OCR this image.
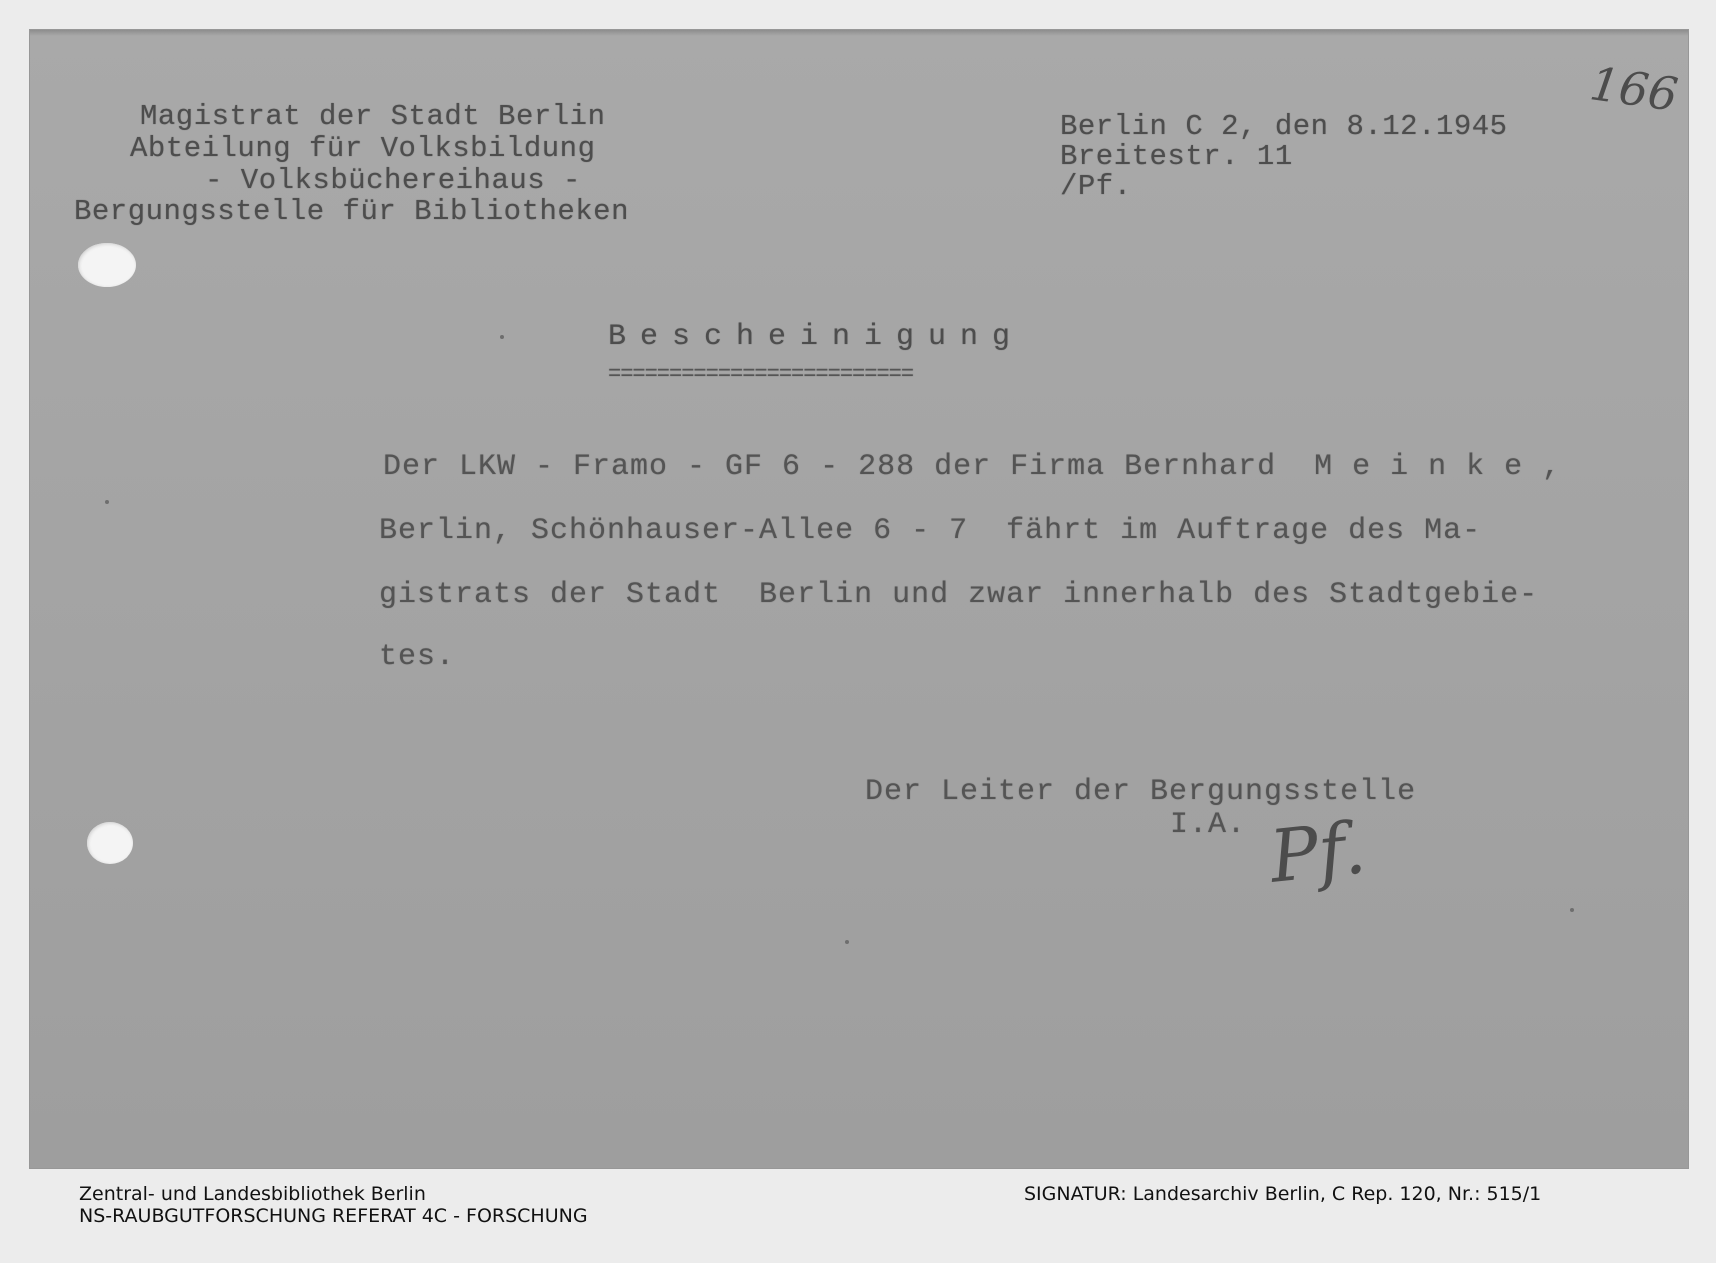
Magistrat der Stadt Berlin
Abteilung für Volksbildung
- Volksbüchereihaus -
Bergungsstelle für Bibliotheken
Berlin C 2, den 8.12.1945
Breitestr. 11
/Pf.
166
Bescheinigung
=========================
Der LKW - Framo - GF 6 - 288 der Firma Bernhard  M e i n k e ,
Berlin, Schönhauser-Allee 6 - 7  fährt im Auftrage des Ma-
gistrats der Stadt  Berlin und zwar innerhalb des Stadtgebie-
tes.
Der Leiter der Bergungsstelle
I.A. Pf.
Zentral- und Landesbibliothek Berlin
NS-RAUBGUTFORSCHUNG REFERAT 4C - FORSCHUNG
SIGNATUR: Landesarchiv Berlin, C Rep. 120, Nr.: 515/1
